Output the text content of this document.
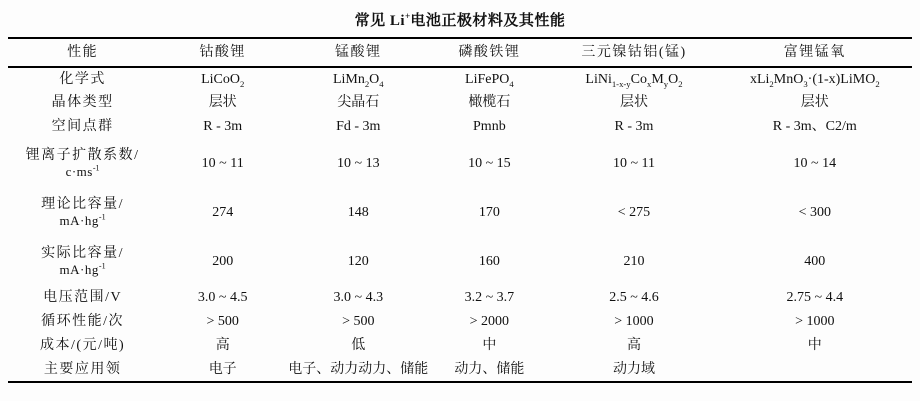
常见 Li+电池正极材料及其性能
性能	钴酸锂	锰酸锂	磷酸铁锂	三元镍钴铝(锰)	富锂锰氧
化学式	LiCoO$_2$	$LiMn_2O_4$	LiFePO$_4$	$LiNi_{1-x-y}Co_xM_yO_2$	xLi$_2$MnO$_3$·(1-x)LiMO$_2$
晶体类型	层状	尖晶石	橄榄石	层状	层状
空间点群	R - 3m	Fd - 3m	Pmnb	R - 3m	R - 3m、C2/m

锂离子扩散系数/
$c\cdot ms^{-1}$	10 ~ 11	10 ~ 13	10 ~ 15	10 ~ 11	10 ~ 14

理论比容量/
$mA\cdot hg^{-1}$	274	148	170	< 275	< 300

实际比容量/
$mA\cdot hg^{-1}$	200	120	160	210	400
电压范围/V	3.0 ~ 4.5	3.0 ~ 4.3	3.2 ~ 3.7	2.5 ~ 4.6	2.75 ~ 4.4
循环性能/次	> 500	> 500	> 2000	> 1000	> 1000
成本/(元/吨)	高	低	中	高	中
主要应用领	电子	电子、动力动力、储能	动力、储能	动力域	
